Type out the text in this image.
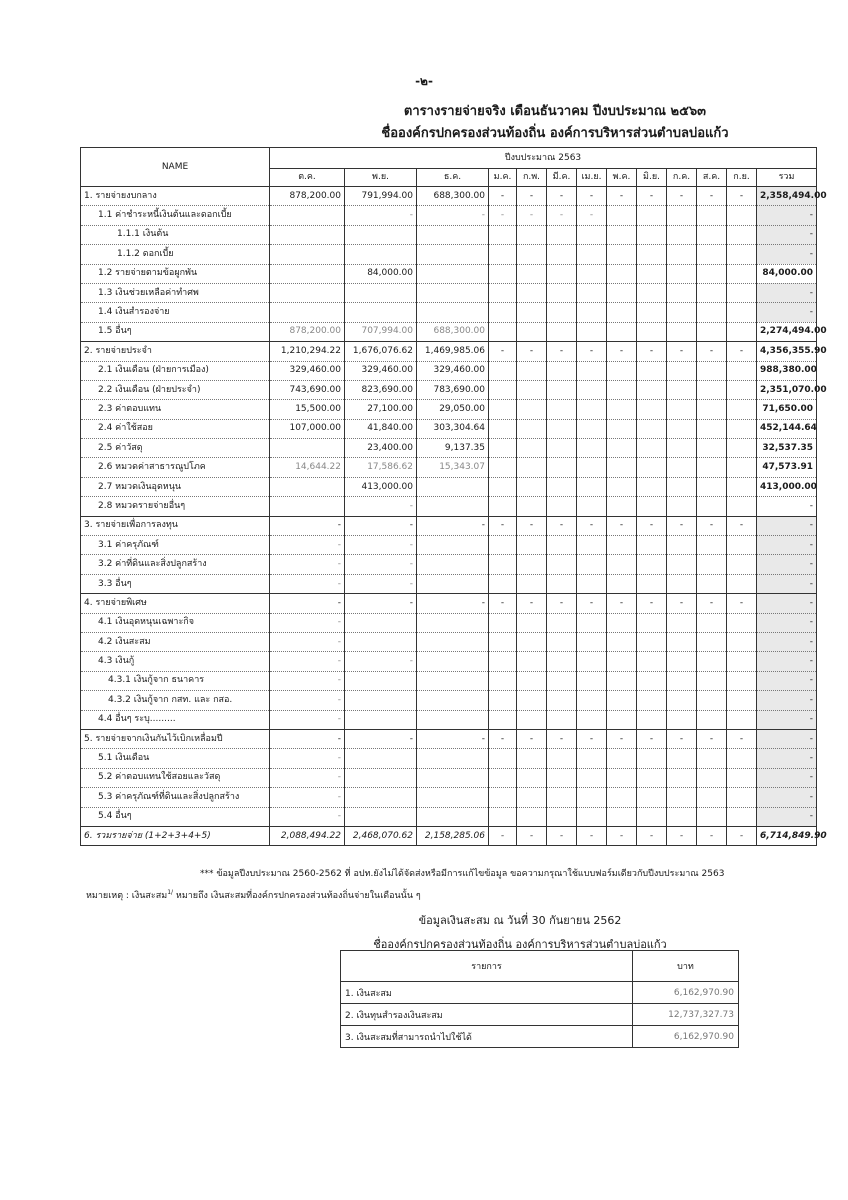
-๒-
ตารางรายจ่ายจริง เดือนธันวาคม ปีงบประมาณ ๒๕๖๓
ชื่อองค์กรปกครองส่วนท้องถิ่น องค์การบริหารส่วนตำบลบ่อแก้ว
NAME	ปีงบประมาณ 2563												
	ต.ค.	พ.ย.	ธ.ค.	ม.ค.	ก.พ.	มี.ค.	เม.ย.	พ.ค.	มิ.ย.	ก.ค.	ส.ค.	ก.ย.	รวม
1. รายจ่ายงบกลาง	878,200.00	791,994.00	688,300.00	-	-	-	-	-	-	-	-	-	2,358,494.00
1.1 ค่าชำระหนี้เงินต้นและดอกเบี้ย		-	-	-	-	-	-						-
1.1.1 เงินต้น													-
1.1.2 ดอกเบี้ย													-
1.2 รายจ่ายตามข้อผูกพัน		84,000.00											84,000.00
1.3 เงินช่วยเหลือค่าทำศพ													-
1.4 เงินสำรองจ่าย													-
1.5 อื่นๆ	878,200.00	707,994.00	688,300.00										2,274,494.00
2. รายจ่ายประจำ	1,210,294.22	1,676,076.62	1,469,985.06	-	-	-	-	-	-	-	-	-	4,356,355.90
2.1 เงินเดือน (ฝ่ายการเมือง)	329,460.00	329,460.00	329,460.00										988,380.00
2.2 เงินเดือน (ฝ่ายประจำ)	743,690.00	823,690.00	783,690.00										2,351,070.00
2.3 ค่าตอบแทน	15,500.00	27,100.00	29,050.00										71,650.00
2.4 ค่าใช้สอย	107,000.00	41,840.00	303,304.64										452,144.64
2.5 ค่าวัสดุ		23,400.00	9,137.35										32,537.35
2.6 หมวดค่าสาธารณูปโภค	14,644.22	17,586.62	15,343.07										47,573.91
2.7 หมวดเงินอุดหนุน		413,000.00											413,000.00
2.8 หมวดรายจ่ายอื่นๆ		-											-
3. รายจ่ายเพื่อการลงทุน	-	-	-	-	-	-	-	-	-	-	-	-	-
3.1 ค่าครุภัณฑ์	-	-											-
3.2 ค่าที่ดินและสิ่งปลูกสร้าง	-	-											-
3.3 อื่นๆ	-	-											-
4. รายจ่ายพิเศษ	-	-	-	-	-	-	-	-	-	-	-	-	-
4.1 เงินอุดหนุนเฉพาะกิจ	-												-
4.2 เงินสะสม	-												-
4.3 เงินกู้	-	-											-
4.3.1 เงินกู้จาก ธนาคาร	-												-
4.3.2 เงินกู้จาก กสท. และ กสอ.	-												-
4.4 อื่นๆ ระบุ.........	-												-
5. รายจ่ายจากเงินกันไว้เบิกเหลื่อมปี	-	-	-	-	-	-	-	-	-	-	-	-	-
5.1 เงินเดือน	-												-
5.2 ค่าตอบแทนใช้สอยและวัสดุ	-												-
5.3 ค่าครุภัณฑ์ที่ดินและสิ่งปลูกสร้าง	-												-
5.4 อื่นๆ	-												-
6. รวมรายจ่าย (1+2+3+4+5)	2,088,494.22	2,468,070.62	2,158,285.06	-	-	-	-	-	-	-	-	-	6,714,849.90
*** ข้อมูลปีงบประมาณ 2560-2562 ที่ อปท.ยังไม่ได้จัดส่งหรือมีการแก้ไขข้อมูล ขอความกรุณาใช้แบบฟอร์มเดียวกับปีงบประมาณ 2563
หมายเหตุ : เงินสะสม$^{1/}$ หมายถึง เงินสะสมที่องค์กรปกครองส่วนท้องถิ่นจ่ายในเดือนนั้น ๆ
ข้อมูลเงินสะสม ณ วันที่ 30 กันยายน 2562
ชื่อองค์กรปกครองส่วนท้องถิ่น องค์การบริหารส่วนตำบลบ่อแก้ว
รายการ	บาท
1. เงินสะสม	6,162,970.90
2. เงินทุนสำรองเงินสะสม	12,737,327.73
3. เงินสะสมที่สามารถนำไปใช้ได้	6,162,970.90
